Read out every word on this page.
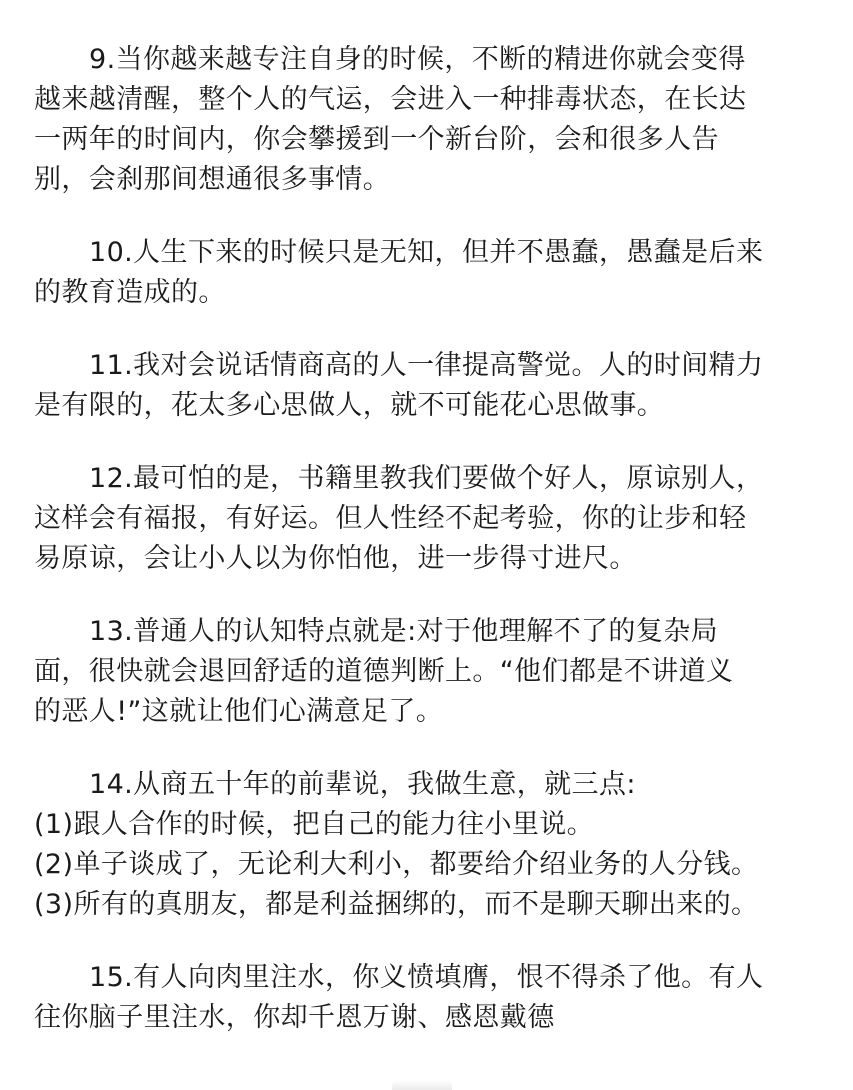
9.当你越来越专注自身的时候，不断的精进你就会变得
越来越清醒，整个人的气运，会进入一种排毒状态，在长达
一两年的时间内，你会攀援到一个新台阶，会和很多人告
别，会刹那间想通很多事情。
10.人生下来的时候只是无知，但并不愚蠢，愚蠢是后来
的教育造成的。
11.我对会说话情商高的人一律提高警觉。人的时间精力
是有限的，花太多心思做人，就不可能花心思做事。
12.最可怕的是，书籍里教我们要做个好人，原谅别人，
这样会有福报，有好运。但人性经不起考验，你的让步和轻
易原谅，会让小人以为你怕他，进一步得寸进尺。
13.普通人的认知特点就是:对于他理解不了的复杂局
面，很快就会退回舒适的道德判断上。“他们都是不讲道义
的恶人!”这就让他们心满意足了。
14.从商五十年的前辈说，我做生意，就三点:
(1)跟人合作的时候，把自己的能力往小里说。
(2)单子谈成了，无论利大利小，都要给介绍业务的人分钱。
(3)所有的真朋友，都是利益捆绑的，而不是聊天聊出来的。
15.有人向肉里注水，你义愤填膺，恨不得杀了他。有人
往你脑子里注水，你却千恩万谢、感恩戴德
